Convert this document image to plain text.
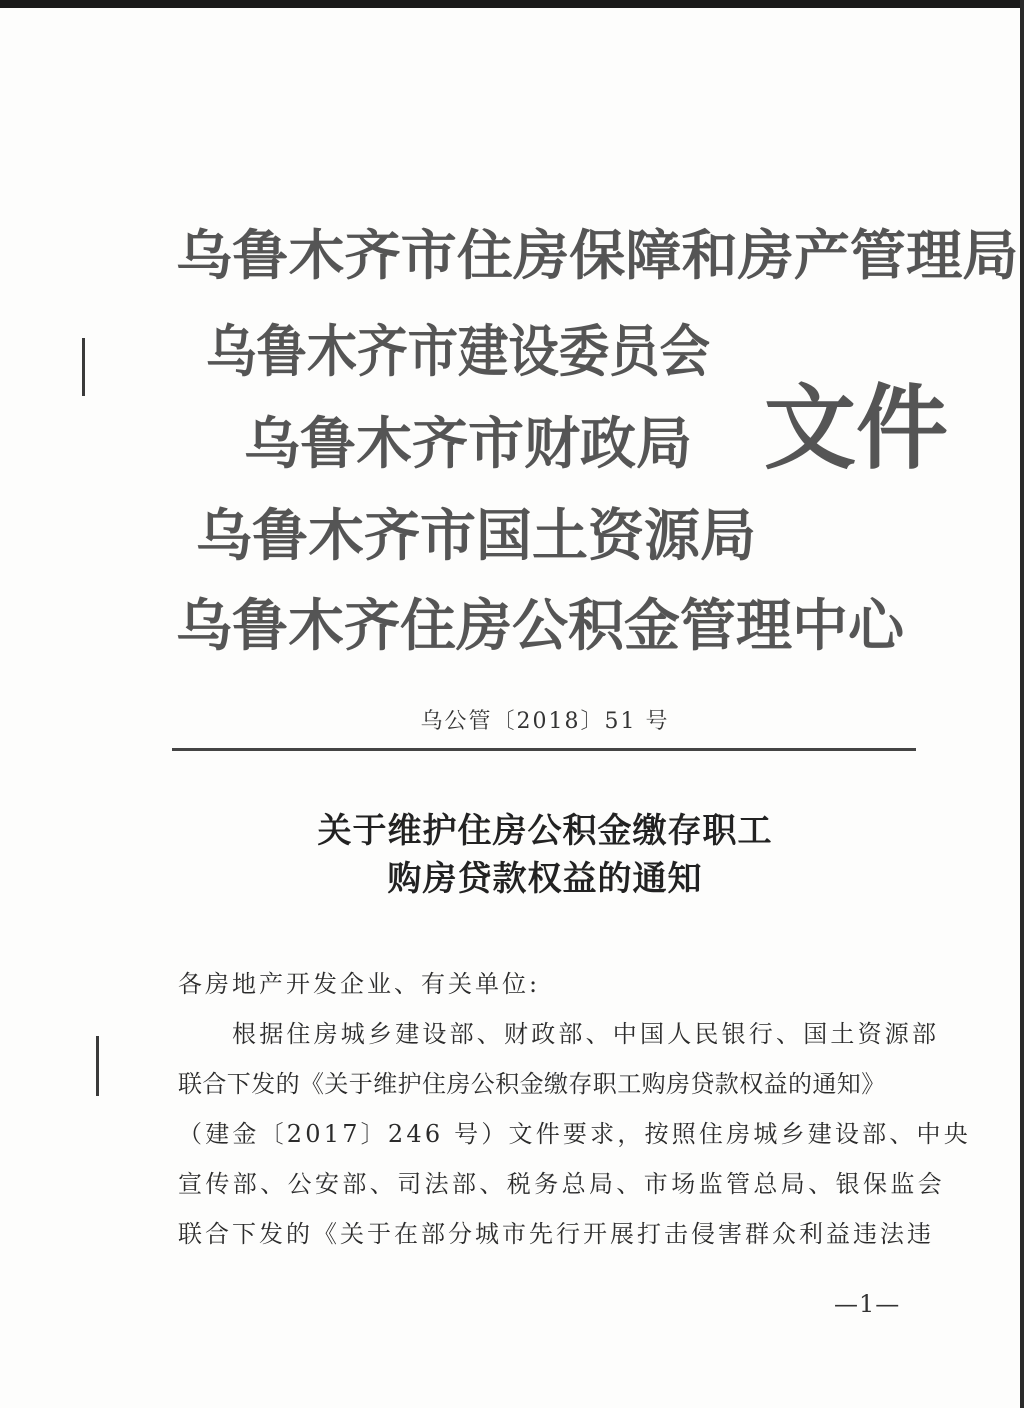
乌鲁木齐市住房保障和房产管理局
乌鲁木齐市建设委员会
乌鲁木齐市财政局
乌鲁木齐市国土资源局
乌鲁木齐住房公积金管理中心
文件
乌公管〔2018〕51 号
关于维护住房公积金缴存职工
购房贷款权益的通知
各房地产开发企业、有关单位:
根据住房城乡建设部、财政部、中国人民银行、国土资源部
联合下发的《关于维护住房公积金缴存职工购房贷款权益的通知》
（建金〔2017〕246 号）文件要求，按照住房城乡建设部、中央
宣传部、公安部、司法部、税务总局、市场监管总局、银保监会
联合下发的《关于在部分城市先行开展打击侵害群众利益违法违
—1—
